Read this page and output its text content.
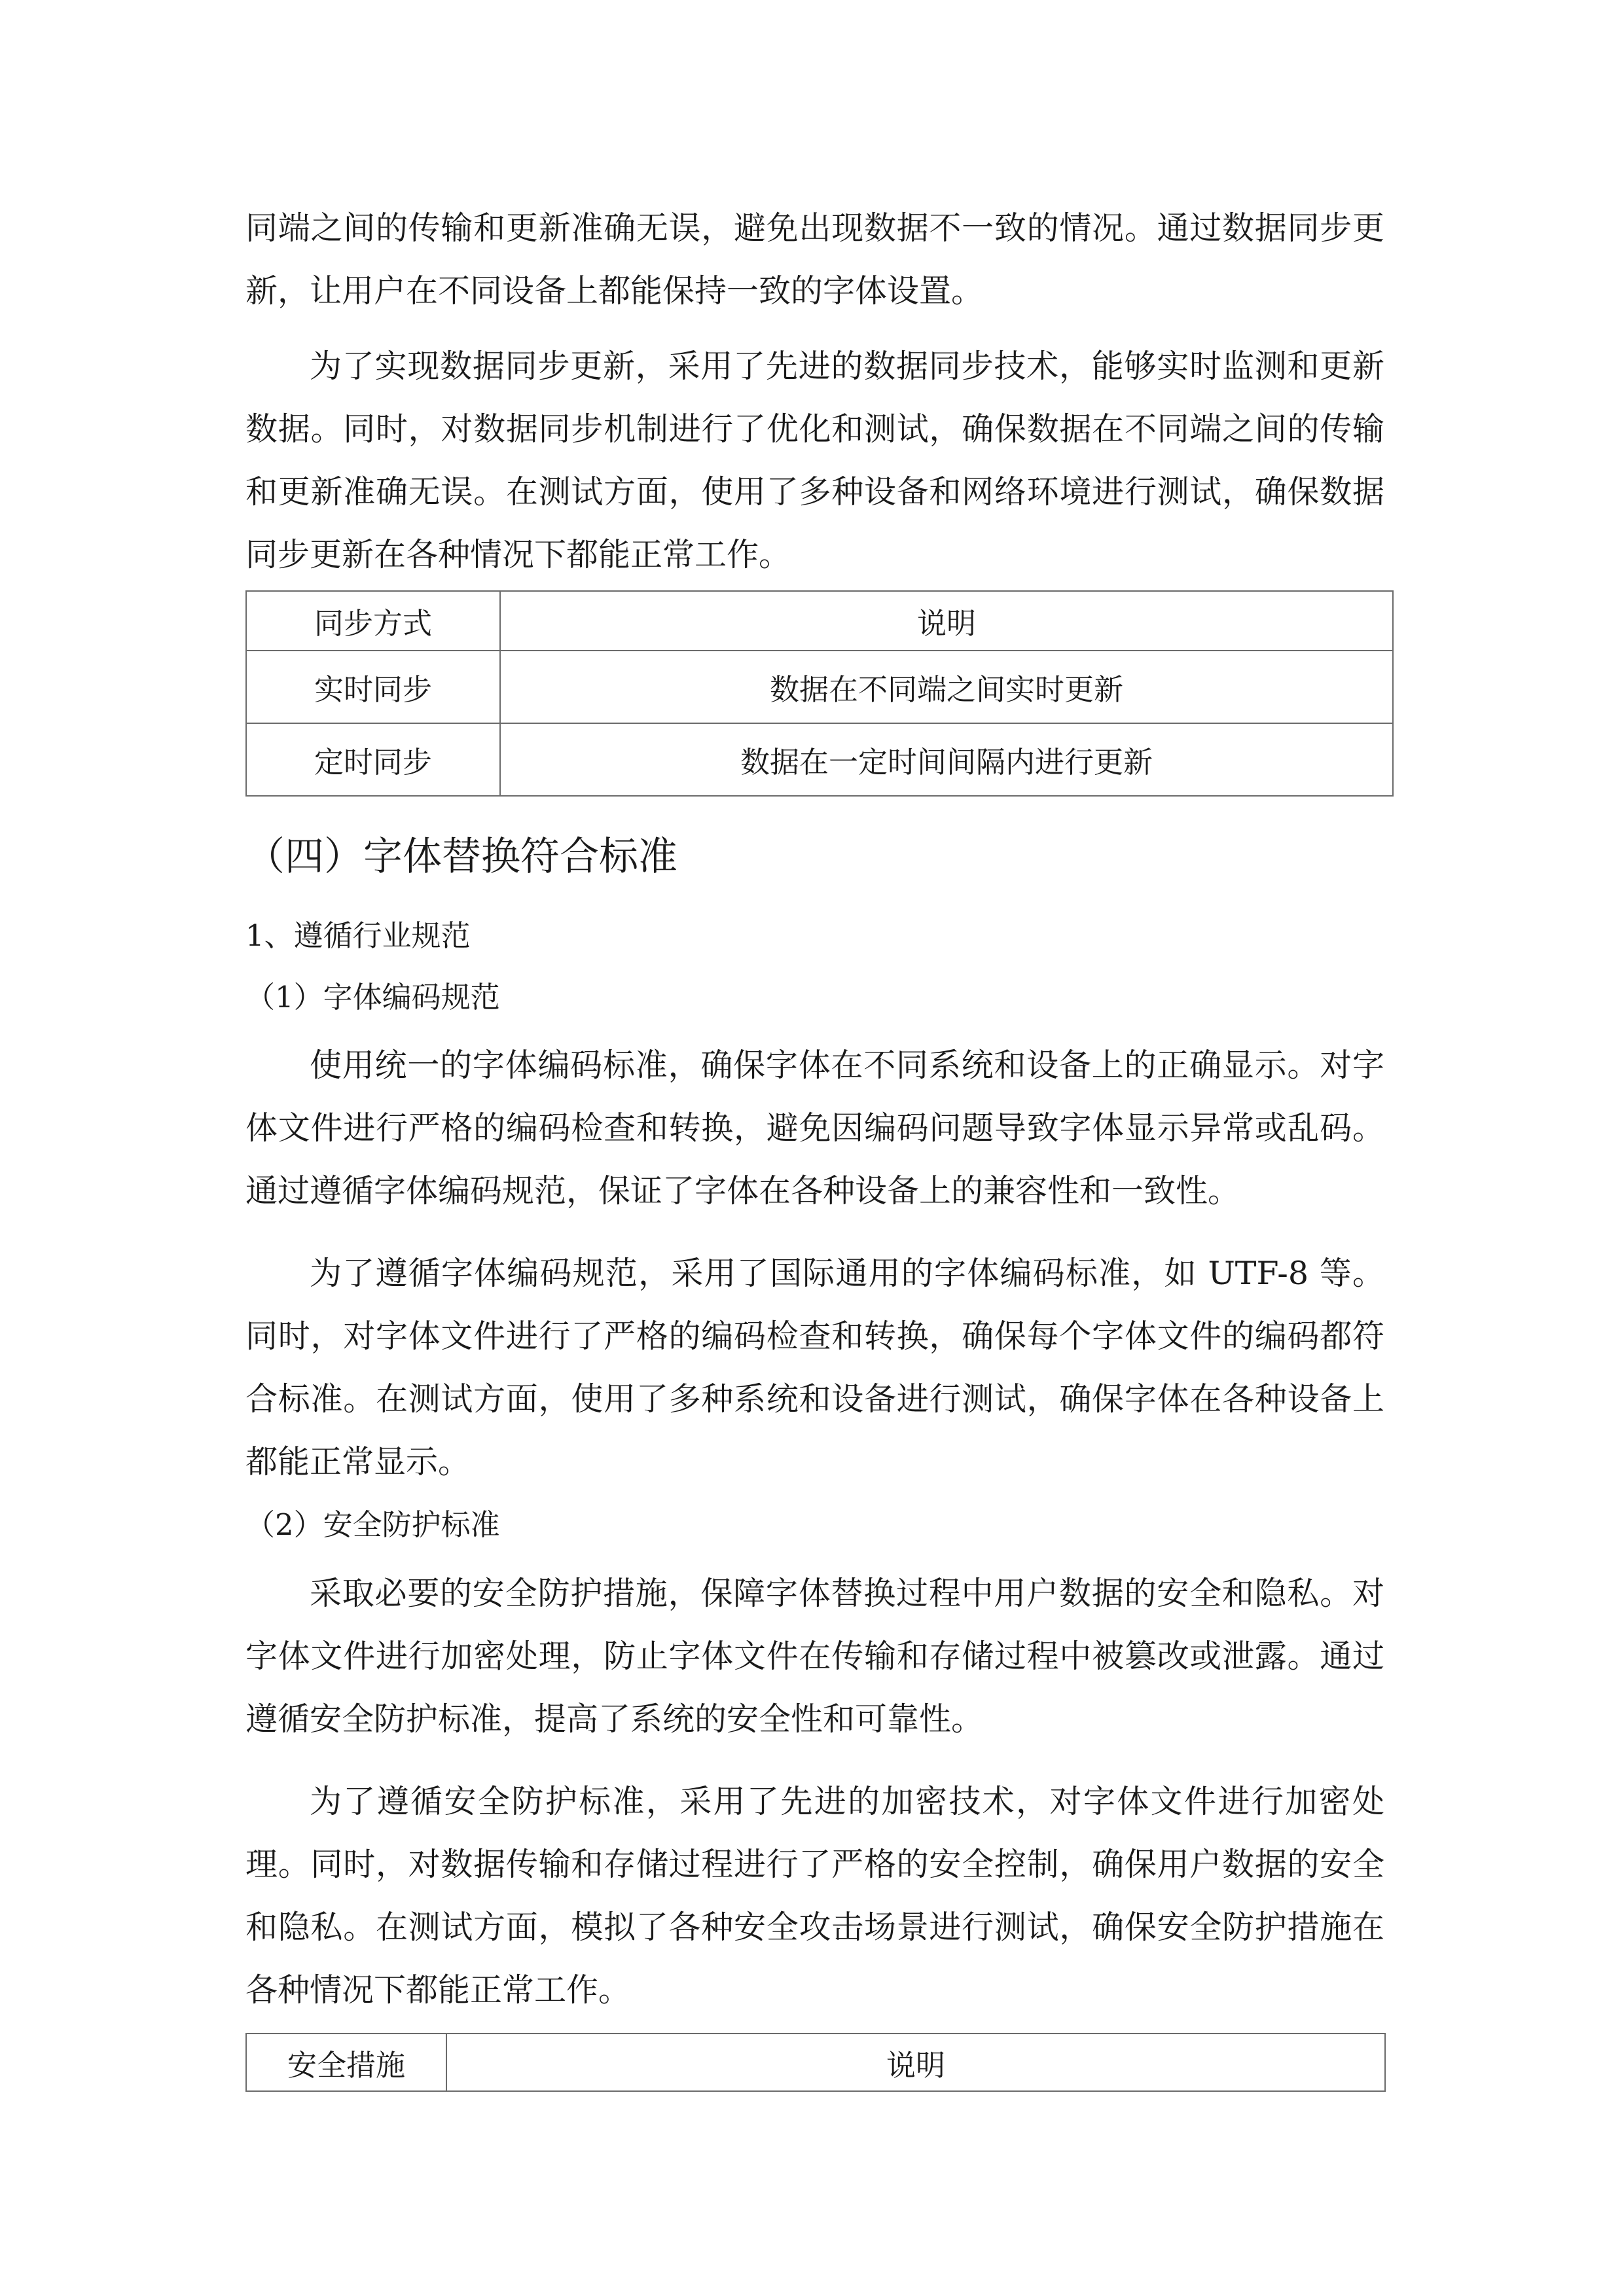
同端之间的传输和更新准确无误，避免出现数据不一致的情况。通过数据同步更新，让用户在不同设备上都能保持一致的字体设置。

为了实现数据同步更新，采用了先进的数据同步技术，能够实时监测和更新数据。同时，对数据同步机制进行了优化和测试，确保数据在不同端之间的传输和更新准确无误。在测试方面，使用了多种设备和网络环境进行测试，确保数据同步更新在各种情况下都能正常工作。

同步方式	说明
实时同步	数据在不同端之间实时更新
定时同步	数据在一定时间间隔内进行更新
（四）字体替换符合标准
1、遵循行业规范
（1）字体编码规范

使用统一的字体编码标准，确保字体在不同系统和设备上的正确显示。对字体文件进行严格的编码检查和转换，避免因编码问题导致字体显示异常或乱码。通过遵循字体编码规范，保证了字体在各种设备上的兼容性和一致性。

为了遵循字体编码规范，采用了国际通用的字体编码标准，如 UTF-8 等。同时，对字体文件进行了严格的编码检查和转换，确保每个字体文件的编码都符合标准。在测试方面，使用了多种系统和设备进行测试，确保字体在各种设备上都能正常显示。

（2）安全防护标准

采取必要的安全防护措施，保障字体替换过程中用户数据的安全和隐私。对字体文件进行加密处理，防止字体文件在传输和存储过程中被篡改或泄露。通过遵循安全防护标准，提高了系统的安全性和可靠性。

为了遵循安全防护标准，采用了先进的加密技术，对字体文件进行加密处理。同时，对数据传输和存储过程进行了严格的安全控制，确保用户数据的安全和隐私。在测试方面，模拟了各种安全攻击场景进行测试，确保安全防护措施在各种情况下都能正常工作。

安全措施	说明
